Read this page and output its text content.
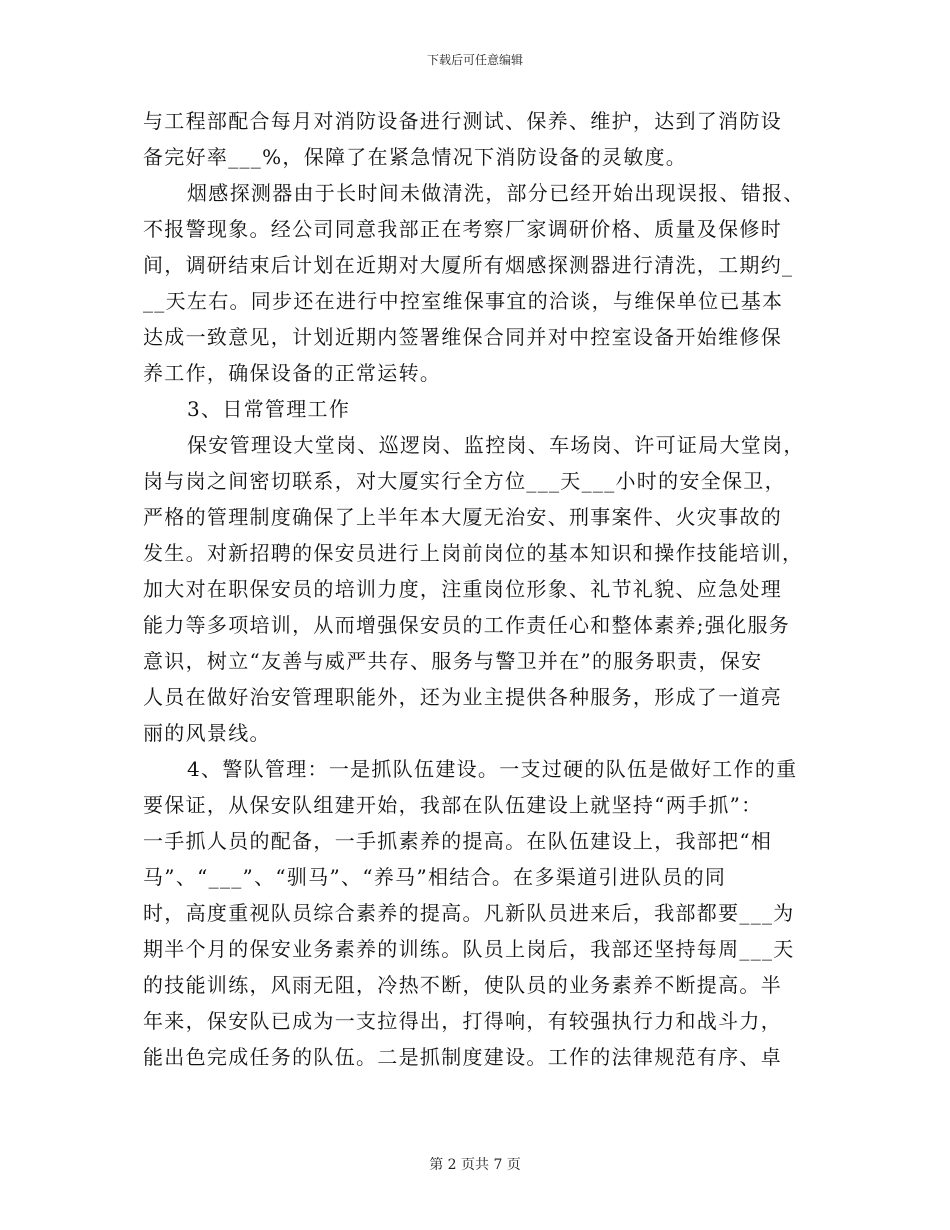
下载后可任意编辑
与工程部配合每月对消防设备进行测试、保养、维护，达到了消防设
备完好率___%，保障了在紧急情况下消防设备的灵敏度。
烟感探测器由于长时间未做清洗，部分已经开始出现误报、错报、
不报警现象。经公司同意我部正在考察厂家调研价格、质量及保修时
间，调研结束后计划在近期对大厦所有烟感探测器进行清洗，工期约_
__天左右。同步还在进行中控室维保事宜的洽谈，与维保单位已基本
达成一致意见，计划近期内签署维保合同并对中控室设备开始维修保
养工作，确保设备的正常运转。
3、日常管理工作
保安管理设大堂岗、巡逻岗、监控岗、车场岗、许可证局大堂岗，
岗与岗之间密切联系，对大厦实行全方位___天___小时的安全保卫，
严格的管理制度确保了上半年本大厦无治安、刑事案件、火灾事故的
发生。对新招聘的保安员进行上岗前岗位的基本知识和操作技能培训，
加大对在职保安员的培训力度，注重岗位形象、礼节礼貌、应急处理
能力等多项培训，从而增强保安员的工作责任心和整体素养;强化服务
意识，树立“友善与威严共存、服务与警卫并在”的服务职责，保安
人员在做好治安管理职能外，还为业主提供各种服务，形成了一道亮
丽的风景线。
4、警队管理：一是抓队伍建设。一支过硬的队伍是做好工作的重
要保证，从保安队组建开始，我部在队伍建设上就坚持“两手抓”：
一手抓人员的配备，一手抓素养的提高。在队伍建设上，我部把“相
马”、“___”、“驯马”、“养马”相结合。在多渠道引进队员的同
时，高度重视队员综合素养的提高。凡新队员进来后，我部都要___为
期半个月的保安业务素养的训练。队员上岗后，我部还坚持每周___天
的技能训练，风雨无阻，冷热不断，使队员的业务素养不断提高。半
年来，保安队已成为一支拉得出，打得响，有较强执行力和战斗力，
能出色完成任务的队伍。二是抓制度建设。工作的法律规范有序、卓
第 2 页共 7 页
